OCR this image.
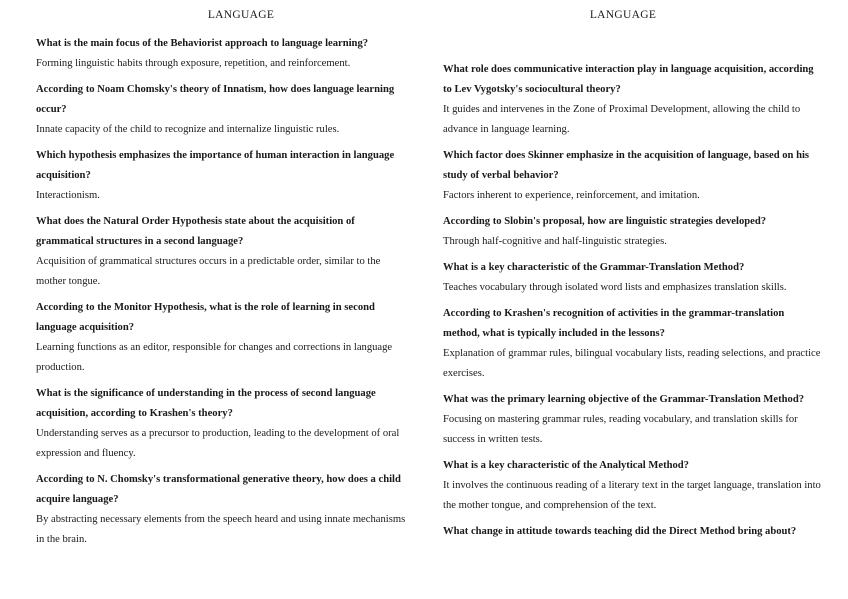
LANGUAGE
What is the main focus of the Behaviorist approach to language learning?
Forming linguistic habits through exposure, repetition, and reinforcement.
According to Noam Chomsky's theory of Innatism, how does language learning occur?
Innate capacity of the child to recognize and internalize linguistic rules.
Which hypothesis emphasizes the importance of human interaction in language acquisition?
Interactionism.
What does the Natural Order Hypothesis state about the acquisition of grammatical structures in a second language?
Acquisition of grammatical structures occurs in a predictable order, similar to the mother tongue.
According to the Monitor Hypothesis, what is the role of learning in second language acquisition?
Learning functions as an editor, responsible for changes and corrections in language production.
What is the significance of understanding in the process of second language acquisition, according to Krashen's theory?
Understanding serves as a precursor to production, leading to the development of oral expression and fluency.
According to N. Chomsky's transformational generative theory, how does a child acquire language?
By abstracting necessary elements from the speech heard and using innate mechanisms in the brain.
LANGUAGE
What role does communicative interaction play in language acquisition, according to Lev Vygotsky's sociocultural theory?
It guides and intervenes in the Zone of Proximal Development, allowing the child to advance in language learning.
Which factor does Skinner emphasize in the acquisition of language, based on his study of verbal behavior?
Factors inherent to experience, reinforcement, and imitation.
According to Slobin's proposal, how are linguistic strategies developed?
Through half-cognitive and half-linguistic strategies.
What is a key characteristic of the Grammar-Translation Method?
Teaches vocabulary through isolated word lists and emphasizes translation skills.
According to Krashen's recognition of activities in the grammar-translation method, what is typically included in the lessons?
Explanation of grammar rules, bilingual vocabulary lists, reading selections, and practice exercises.
What was the primary learning objective of the Grammar-Translation Method?
Focusing on mastering grammar rules, reading vocabulary, and translation skills for success in written tests.
What is a key characteristic of the Analytical Method?
It involves the continuous reading of a literary text in the target language, translation into the mother tongue, and comprehension of the text.
What change in attitude towards teaching did the Direct Method bring about?
